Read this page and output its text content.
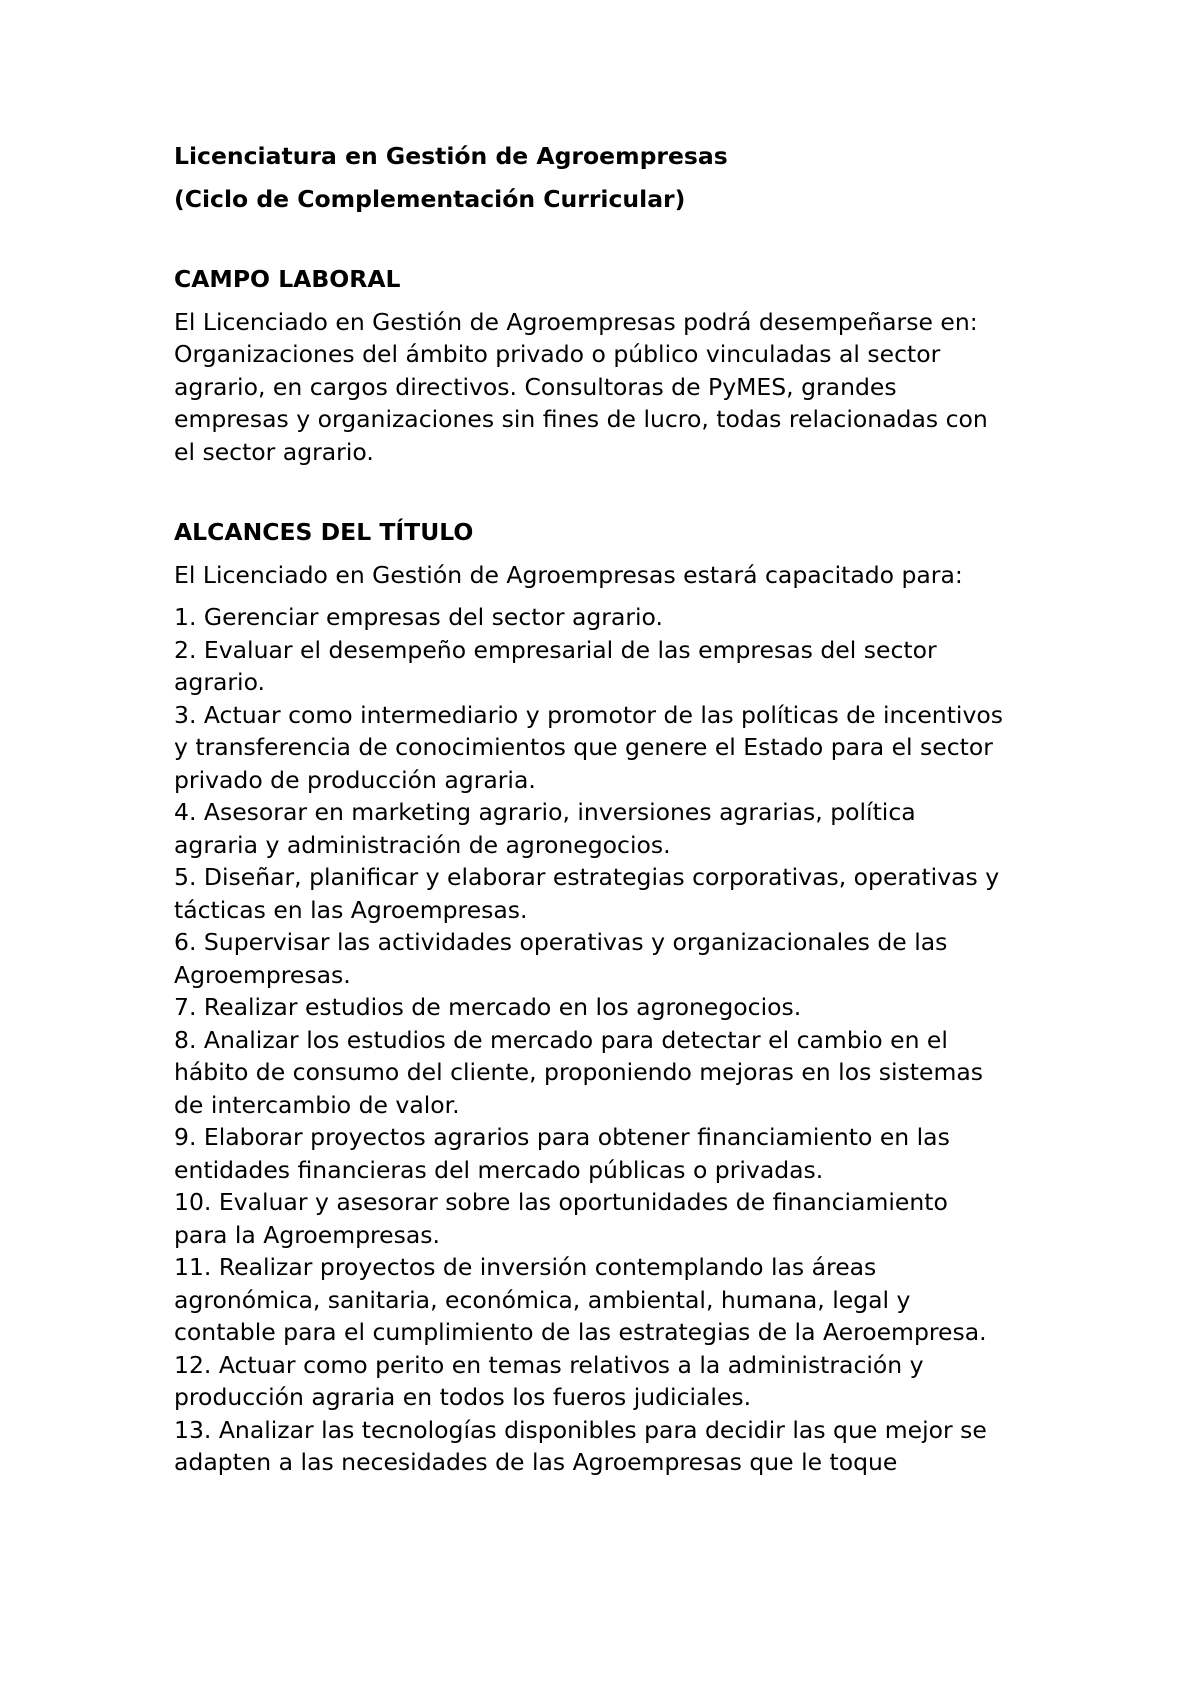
Licenciatura en Gestión de Agroempresas

(Ciclo de Complementación Curricular)

CAMPO LABORAL

El Licenciado en Gestión de Agroempresas podrá desempeñarse en:

Organizaciones del ámbito privado o público vinculadas al sector

agrario, en cargos directivos. Consultoras de PyMES, grandes

empresas y organizaciones sin fines de lucro, todas relacionadas con

el sector agrario.

ALCANCES DEL TÍTULO

El Licenciado en Gestión de Agroempresas estará capacitado para:

1. Gerenciar empresas del sector agrario.

2. Evaluar el desempeño empresarial de las empresas del sector

agrario.

3. Actuar como intermediario y promotor de las políticas de incentivos

y transferencia de conocimientos que genere el Estado para el sector

privado de producción agraria.

4. Asesorar en marketing agrario, inversiones agrarias, política

agraria y administración de agronegocios.

5. Diseñar, planificar y elaborar estrategias corporativas, operativas y

tácticas en las Agroempresas.

6. Supervisar las actividades operativas y organizacionales de las

Agroempresas.

7. Realizar estudios de mercado en los agronegocios.

8. Analizar los estudios de mercado para detectar el cambio en el

hábito de consumo del cliente, proponiendo mejoras en los sistemas

de intercambio de valor.

9. Elaborar proyectos agrarios para obtener financiamiento en las

entidades financieras del mercado públicas o privadas.

10. Evaluar y asesorar sobre las oportunidades de financiamiento

para la Agroempresas.

11. Realizar proyectos de inversión contemplando las áreas

agronómica, sanitaria, económica, ambiental, humana, legal y

contable para el cumplimiento de las estrategias de la Aeroempresa.

12. Actuar como perito en temas relativos a la administración y

producción agraria en todos los fueros judiciales.

13. Analizar las tecnologías disponibles para decidir las que mejor se

adapten a las necesidades de las Agroempresas que le toque
